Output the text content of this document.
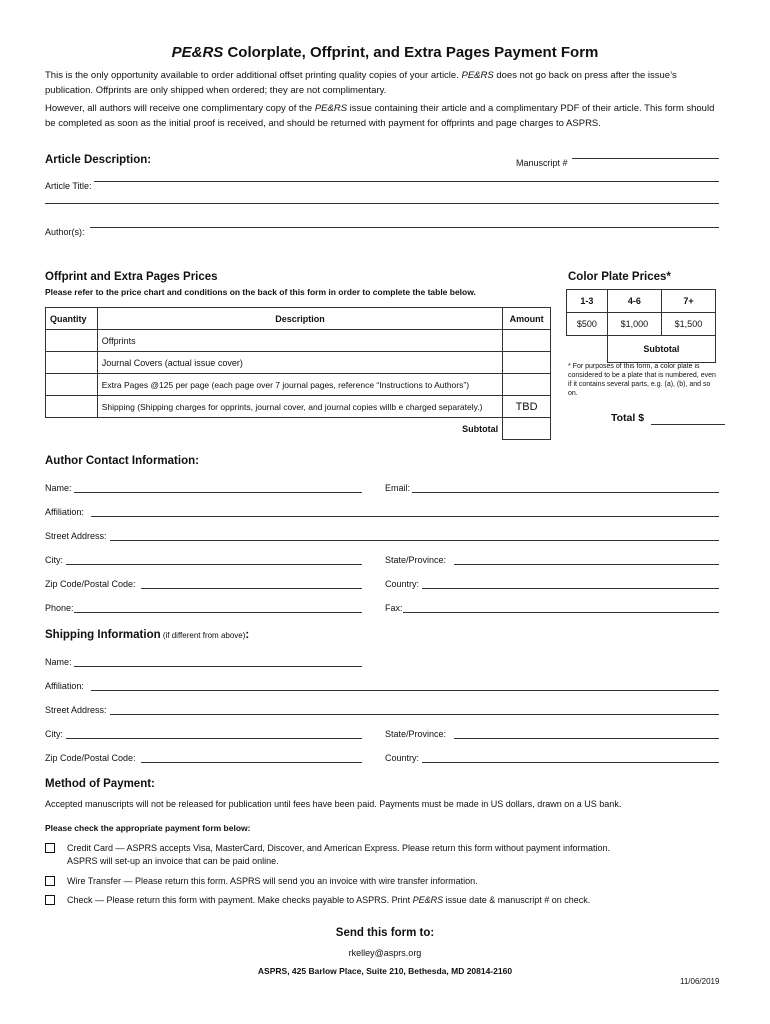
PE&RS Colorplate, Offprint, and Extra Pages Payment Form
This is the only opportunity available to order additional offset printing quality copies of your article. PE&RS does not go back on press after the issue’s publication. Offprints are only shipped when ordered; they are not complimentary.
However, all authors will receive one complimentary copy of the PE&RS issue containing their article and a complimentary PDF of their article. This form should be completed as soon as the initial proof is received, and should be returned with payment for offprints and page charges to ASPRS.
Article Description:	Manuscript #
Article Title:
Author(s):
Offprint and Extra Pages Prices
Please refer to the price chart and conditions on the back of this form in order to complete the table below.
Quantity	Description	Amount
	Offprints	
	Journal Covers (actual issue cover)	
	Extra Pages @125 per page (each page over 7 journal pages, reference “Instructions to Authors”)	
	Shipping (Shipping charges for opprints, journal cover, and journal copies willb e charged separately.)	TBD
	Subtotal	
Color Plate Prices*
1-3	4-6	7+
$500	$1,000	$1,500
	Subtotal	
* For purposes of this form, a color plate is considered to be a plate that is numbered, even if it contains several parts, e.g. (a), (b), and so on.
Total $
Author Contact Information:
Name:	Email:
Affiliation:
Street Address:
City:	State/Province:
Zip Code/Postal Code:	Country:
Phone:	Fax:
Shipping Information (if different from above):
Name:
Affiliation:
Street Address:
City:	State/Province:
Zip Code/Postal Code:	Country:
Method of Payment:
Accepted manuscripts will not be released for publication until fees have been paid. Payments must be made in US dollars, drawn on a US bank.
Please check the appropriate payment form below:
Credit Card — ASPRS accepts Visa, MasterCard, Discover, and American Express. Please return this form without payment information.
ASPRS will set-up an invoice that can be paid online.
Wire Transfer — Please return this form. ASPRS will send you an invoice with wire transfer information.
Check — Please return this form with payment. Make checks payable to ASPRS. Print PE&RS issue date & manuscript # on check.
Send this form to:
rkelley@asprs.org
ASPRS, 425 Barlow Place, Suite 210, Bethesda, MD 20814-2160
11/06/2019
